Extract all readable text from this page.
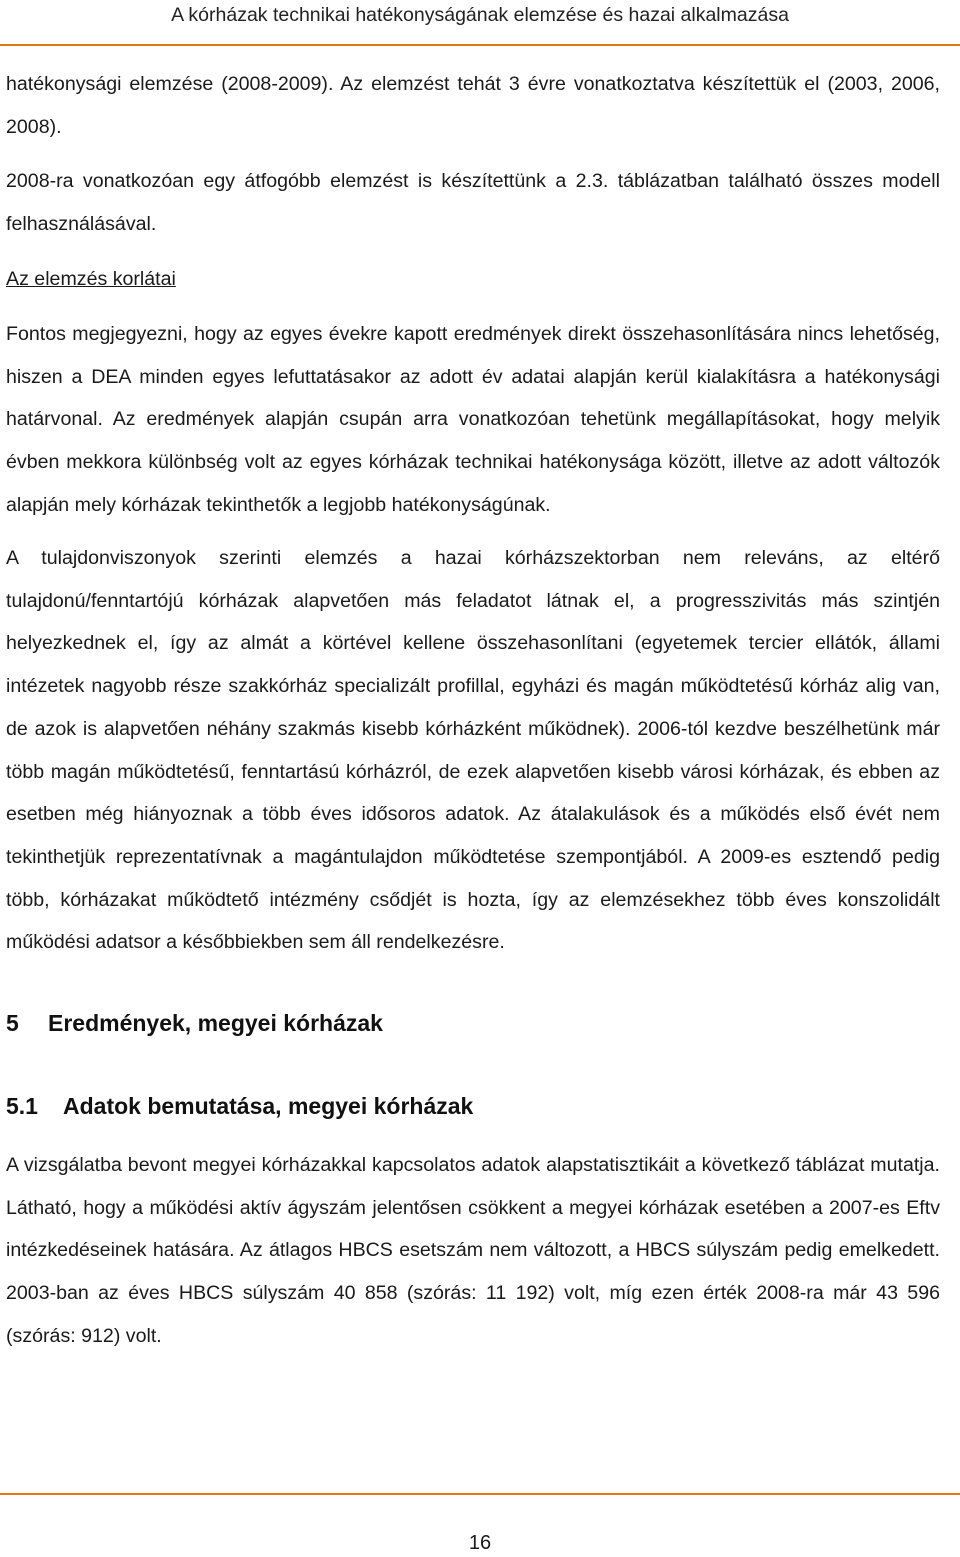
A kórházak technikai hatékonyságának elemzése és hazai alkalmazása

hatékonysági elemzése (2008-2009). Az elemzést tehát 3 évre vonatkoztatva készítettük el (2003, 2006, 2008).

2008-ra vonatkozóan egy átfogóbb elemzést is készítettünk a 2.3. táblázatban található összes modell felhasználásával.

Az elemzés korlátai

Fontos megjegyezni, hogy az egyes évekre kapott eredmények direkt összehasonlítására nincs lehetőség, hiszen a DEA minden egyes lefuttatásakor az adott év adatai alapján kerül kialakításra a hatékonysági határvonal. Az eredmények alapján csupán arra vonatkozóan tehetünk megállapításokat, hogy melyik évben mekkora különbség volt az egyes kórházak technikai hatékonysága között, illetve az adott változók alapján mely kórházak tekinthetők a legjobb hatékonyságúnak.

A tulajdonviszonyok szerinti elemzés a hazai kórházszektorban nem releváns, az eltérő tulajdonú/fenntartójú kórházak alapvetően más feladatot látnak el, a progresszivitás más szintjén helyezkednek el, így az almát a körtével kellene összehasonlítani (egyetemek tercier ellátók, állami intézetek nagyobb része szakkórház specializált profillal, egyházi és magán működtetésű kórház alig van, de azok is alapvetően néhány szakmás kisebb kórházként működnek). 2006-tól kezdve beszélhetünk már több magán működtetésű, fenntartású kórházról, de ezek alapvetően kisebb városi kórházak, és ebben az esetben még hiányoznak a több éves idősoros adatok. Az átalakulások és a működés első évét nem tekinthetjük reprezentatívnak a magántulajdon működtetése szempontjából. A 2009-es esztendő pedig több, kórházakat működtető intézmény csődjét is hozta, így az elemzésekhez több éves konszolidált működési adatsor a későbbiekben sem áll rendelkezésre.

5 Eredmények, megyei kórházak
5.1 Adatok bemutatása, megyei kórházak

A vizsgálatba bevont megyei kórházakkal kapcsolatos adatok alapstatisztikáit a következő táblázat mutatja. Látható, hogy a működési aktív ágyszám jelentősen csökkent a megyei kórházak esetében a 2007-es Eftv intézkedéseinek hatására. Az átlagos HBCS esetszám nem változott, a HBCS súlyszám pedig emelkedett. 2003-ban az éves HBCS súlyszám 40 858 (szórás: 11 192) volt, míg ezen érték 2008-ra már 43 596 (szórás: 912) volt.

16
